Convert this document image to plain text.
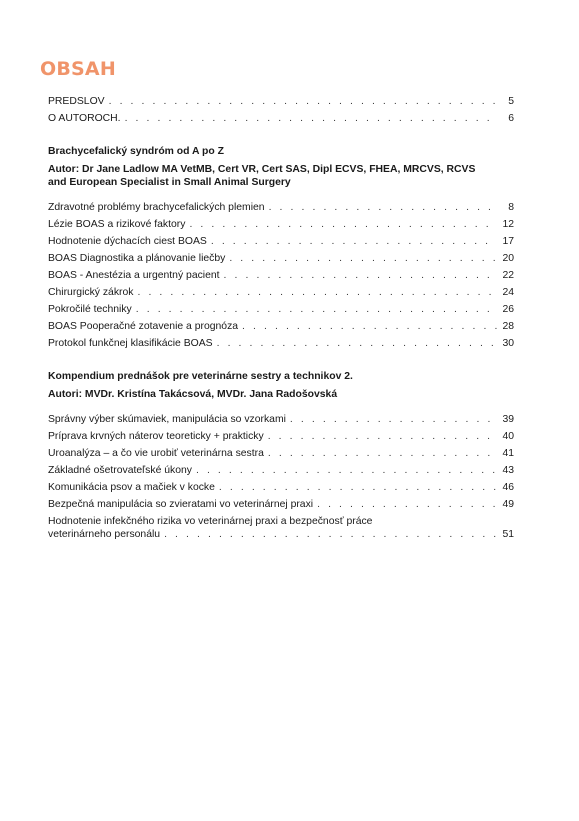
OBSAH
PREDSLOV . . .	5
O AUTOROCH. . . .	6
Brachycefalický syndróm od A po Z
Autor: Dr Jane Ladlow MA VetMB, Cert VR, Cert SAS, Dipl ECVS, FHEA, MRCVS, RCVS
and European Specialist in Small Animal Surgery
Zdravotné problémy brachycefalických plemien . . .	8
Lézie BOAS a rizikové faktory . . .	12
Hodnotenie dýchacích ciest BOAS . . .	17
BOAS Diagnostika a plánovanie liečby . . .	20
BOAS - Anestézia a urgentný pacient . . .	22
Chirurgický zákrok . . .	24
Pokročilé techniky . . .	26
BOAS Pooperačné zotavenie a prognóza . . .	28
Protokol funkčnej klasifikácie BOAS . . .	30
Kompendium prednášok pre veterinárne sestry a technikov 2.
Autori: MVDr. Kristína Takácsová, MVDr. Jana Radošovská
Správny výber skúmaviek, manipulácia so vzorkami . . .	39
Príprava krvných náterov teoreticky + prakticky . . .	40
Uroanalýza – a čo vie urobiť veterinárna sestra . . .	41
Základné ošetrovateľské úkony . . .	43
Komunikácia psov a mačiek v kocke . . .	46
Bezpečná manipulácia so zvieratami vo veterinárnej praxi . . .	49
Hodnotenie infekčného rizika vo veterinárnej praxi a bezpečnosť práce
veterinárneho personálu . . .	51
